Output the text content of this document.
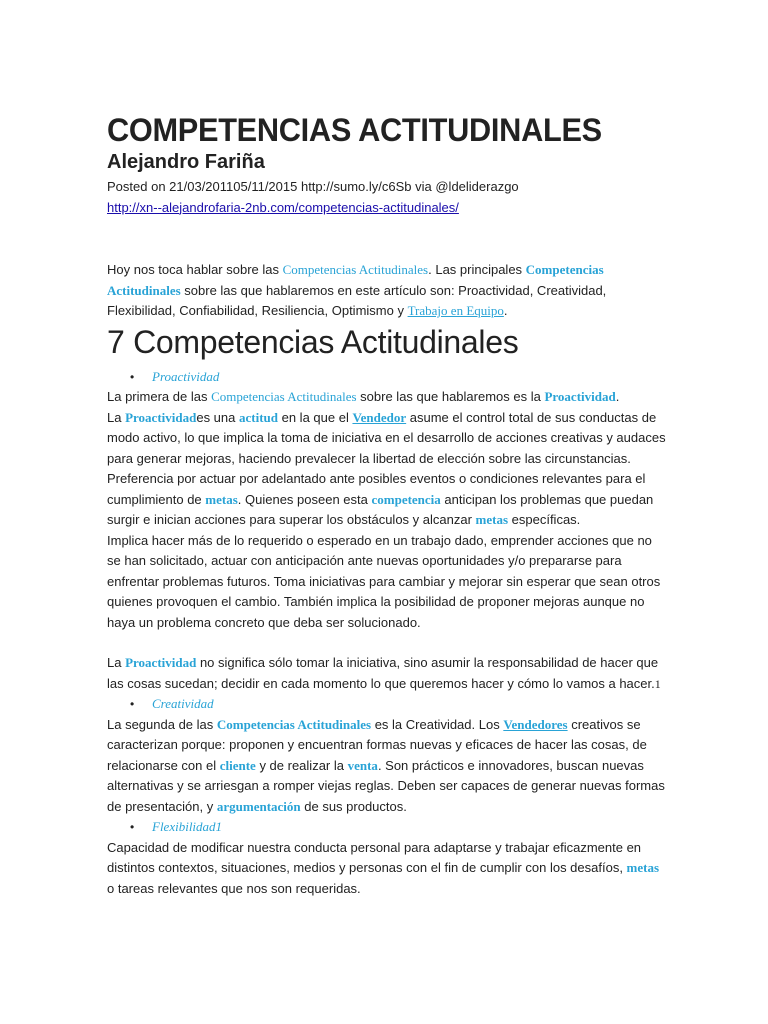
COMPETENCIAS ACTITUDINALES
Alejandro Fariña

Posted on 21/03/201105/11/2015 http://sumo.ly/c6Sb via @ldeliderazgo

http://xn--alejandrofaria-2nb.com/competencias-actitudinales/

Hoy nos toca hablar sobre las Competencias Actitudinales. Las principales Competencias Actitudinales sobre las que hablaremos en este artículo son: Proactividad, Creatividad, Flexibilidad, Confiabilidad, Resiliencia, Optimismo y Trabajo en Equipo.

7 Competencias Actitudinales
• Proactividad

La primera de las Competencias Actitudinales sobre las que hablaremos es la Proactividad.

La Proactividades una actitud en la que el Vendedor asume el control total de sus conductas de modo activo, lo que implica la toma de iniciativa en el desarrollo de acciones creativas y audaces para generar mejoras, haciendo prevalecer la libertad de elección sobre las circunstancias.

Preferencia por actuar por adelantado ante posibles eventos o condiciones relevantes para el cumplimiento de metas. Quienes poseen esta competencia anticipan los problemas que puedan surgir e inician acciones para superar los obstáculos y alcanzar metas específicas.

Implica hacer más de lo requerido o esperado en un trabajo dado, emprender acciones que no se han solicitado, actuar con anticipación ante nuevas oportunidades y/o prepararse para enfrentar problemas futuros. Toma iniciativas para cambiar y mejorar sin esperar que sean otros quienes provoquen el cambio. También implica la posibilidad de proponer mejoras aunque no haya un problema concreto que deba ser solucionado.

La Proactividad no significa sólo tomar la iniciativa, sino asumir la responsabilidad de hacer que las cosas sucedan; decidir en cada momento lo que queremos hacer y cómo lo vamos a hacer.1

• Creatividad

La segunda de las Competencias Actitudinales es la Creatividad. Los Vendedores creativos se caracterizan porque: proponen y encuentran formas nuevas y eficaces de hacer las cosas, de relacionarse con el cliente y de realizar la venta. Son prácticos e innovadores, buscan nuevas alternativas y se arriesgan a romper viejas reglas. Deben ser capaces de generar nuevas formas de presentación, y argumentación de sus productos.

• Flexibilidad1

Capacidad de modificar nuestra conducta personal para adaptarse y trabajar eficazmente en distintos contextos, situaciones, medios y personas con el fin de cumplir con los desafíos, metas o tareas relevantes que nos son requeridas.
